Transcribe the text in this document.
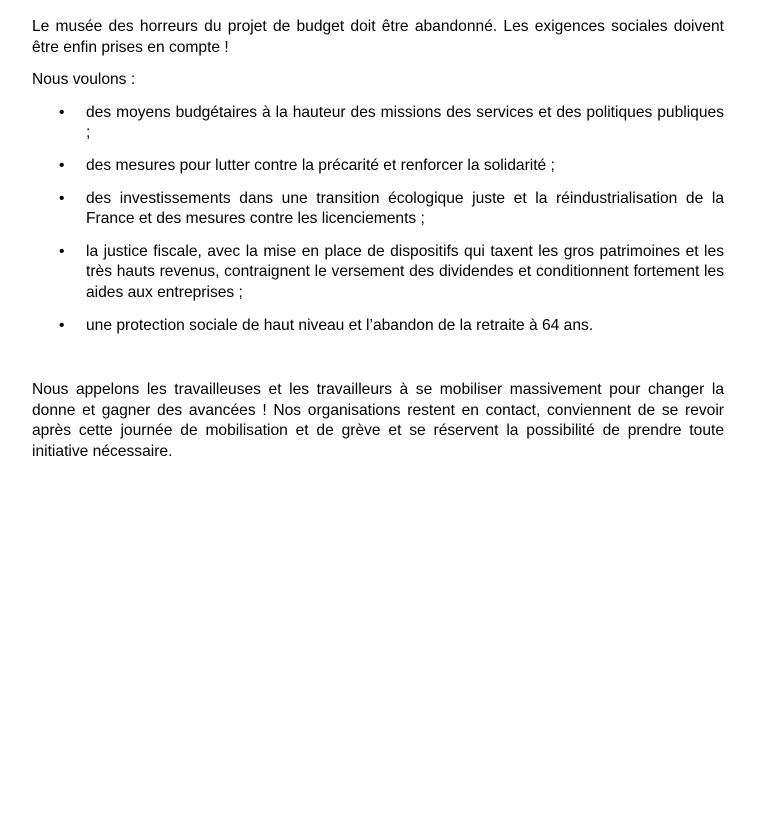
Le musée des horreurs du projet de budget doit être abandonné. Les exigences sociales doivent être enfin prises en compte !

Nous voulons :

• des moyens budgétaires à la hauteur des missions des services et des politiques publiques ;
• des mesures pour lutter contre la précarité et renforcer la solidarité ;
• des investissements dans une transition écologique juste et la réindustrialisation de la France et des mesures contre les licenciements ;
• la justice fiscale, avec la mise en place de dispositifs qui taxent les gros patrimoines et les très hauts revenus, contraignent le versement des dividendes et conditionnent fortement les aides aux entreprises ;
• une protection sociale de haut niveau et l’abandon de la retraite à 64 ans.

Nous appelons les travailleuses et les travailleurs à se mobiliser massivement pour changer la donne et gagner des avancées ! Nos organisations restent en contact, conviennent de se revoir après cette journée de mobilisation et de grève et se réservent la possibilité de prendre toute initiative nécessaire.
